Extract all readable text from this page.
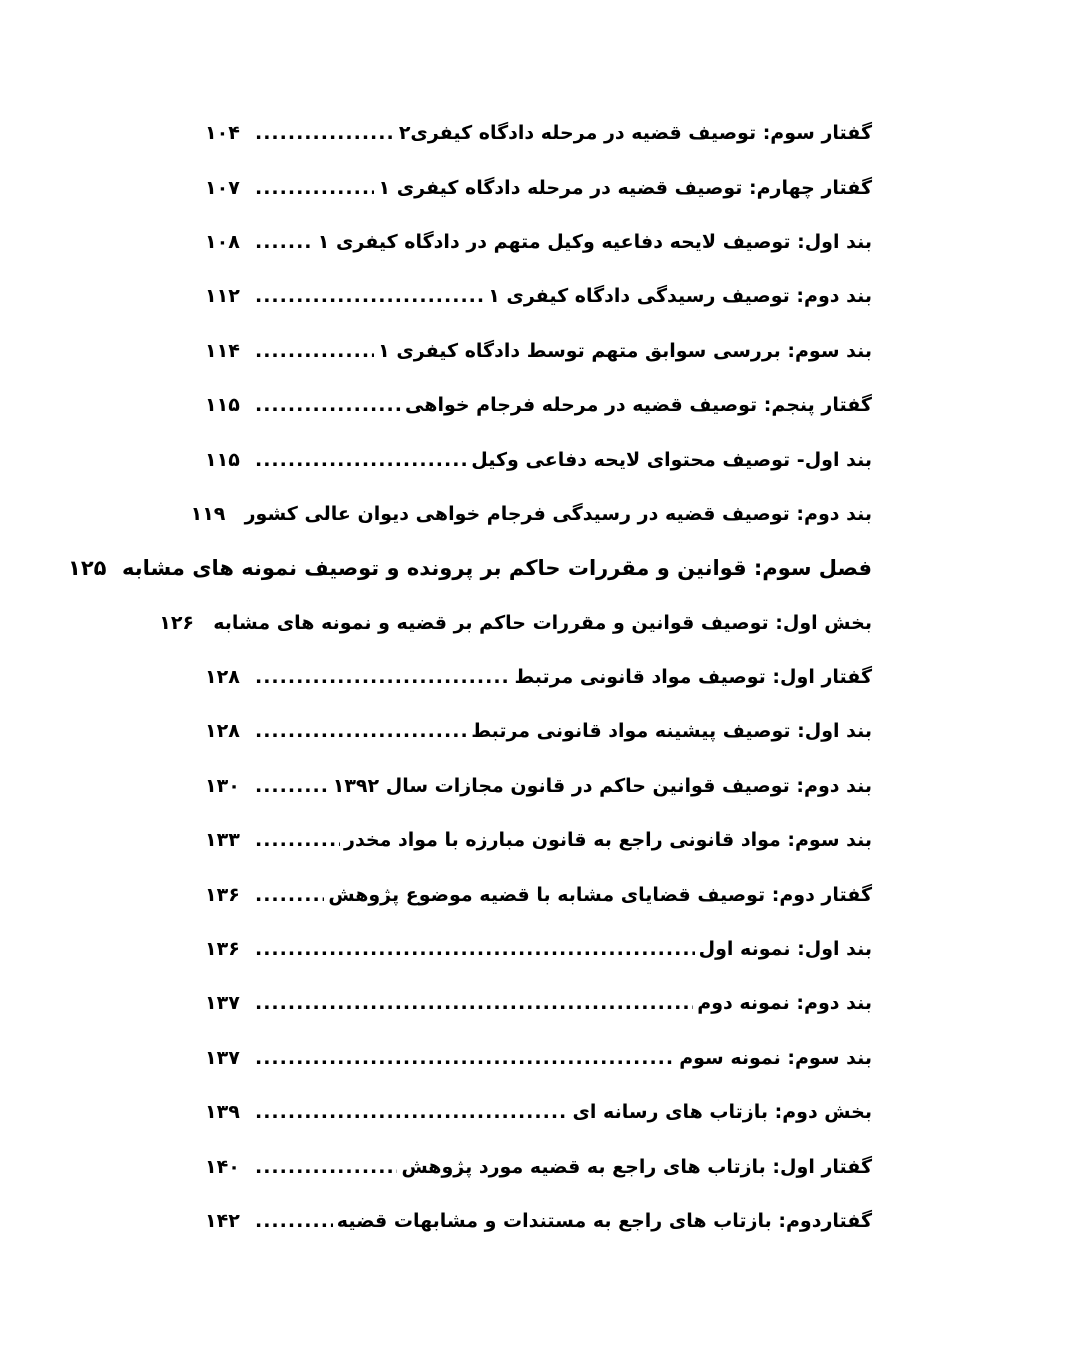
گفتار سوم: توصیف قضیه در مرحله دادگاه کیفری۲
.....
۱۰۴
گفتار چهارم: توصیف قضیه در مرحله دادگاه کیفری ۱
.....
۱۰۷
بند اول: توصیف لایحه دفاعیه وکیل متهم در دادگاه کیفری ۱
.....
۱۰۸
بند دوم: توصیف رسیدگی دادگاه کیفری ۱
.....
۱۱۲
بند سوم: بررسی سوابق متهم توسط دادگاه کیفری ۱
.....
۱۱۴
گفتار پنجم: توصیف قضیه در مرحله فرجام خواهی
.....
۱۱۵
بند اول- توصیف محتوای لایحه دفاعی وکیل
.....
۱۱۵
بند دوم: توصیف قضیه در رسیدگی فرجام خواهی دیوان عالی کشور
۱۱۹
فصل سوم: قوانین و مقررات حاکم بر پرونده و توصیف نمونه های مشابه
۱۲۵
بخش اول: توصیف قوانین و مقررات حاکم بر قضیه و نمونه های مشابه
۱۲۶
گفتار اول: توصیف مواد قانونی مرتبط
.....
۱۲۸
بند اول: توصیف پیشینه مواد قانونی مرتبط
.....
۱۲۸
بند دوم: توصیف قوانین حاکم در قانون مجازات سال ۱۳۹۲
.....
۱۳۰
بند سوم: مواد قانونی راجع به قانون مبارزه با مواد مخدر
.....
۱۳۳
گفتار دوم: توصیف قضایای مشابه با قضیه موضوع پژوهش
.....
۱۳۶
بند اول: نمونه اول
.....
۱۳۶
بند دوم: نمونه دوم
.....
۱۳۷
بند سوم: نمونه سوم
.....
۱۳۷
بخش دوم: بازتاب های رسانه ای
.....
۱۳۹
گفتار اول: بازتاب های راجع به قضیه مورد پژوهش
.....
۱۴۰
گفتاردوم: بازتاب های راجع به مستندات و مشابهات قضیه
.....
۱۴۲
